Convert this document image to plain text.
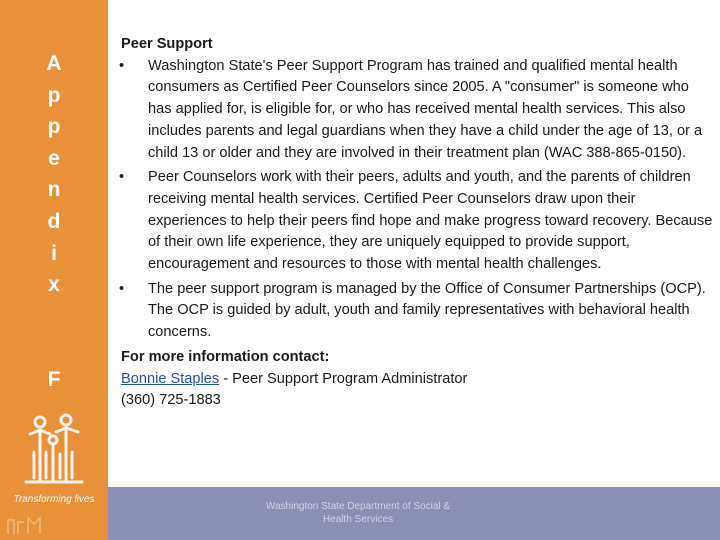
A
p
p
e
n
d
i
x
F
Transforming lives

Peer Support

•	Washington State's Peer Support Program has trained and qualified mental health consumers as Certified Peer Counselors since 2005. A "consumer" is someone who has applied for, is eligible for, or who has received mental health services. This also includes parents and legal guardians when they have a child under the age of 13, or a child 13 or older and they are involved in their treatment plan (WAC 388-865-0150).
•	Peer Counselors work with their peers, adults and youth, and the parents of children receiving mental health services. Certified Peer Counselors draw upon their experiences to help their peers find hope and make progress toward recovery. Because of their own life experience, they are uniquely equipped to provide support, encouragement and resources to those with mental health challenges.
•	The peer support program is managed by the Office of Consumer Partnerships (OCP). The OCP is guided by adult, youth and family representatives with behavioral health concerns.
For more information contact:
Bonnie Staples - Peer Support Program Administrator
(360) 725-1883
Washington State Department of Social &
Health Services
